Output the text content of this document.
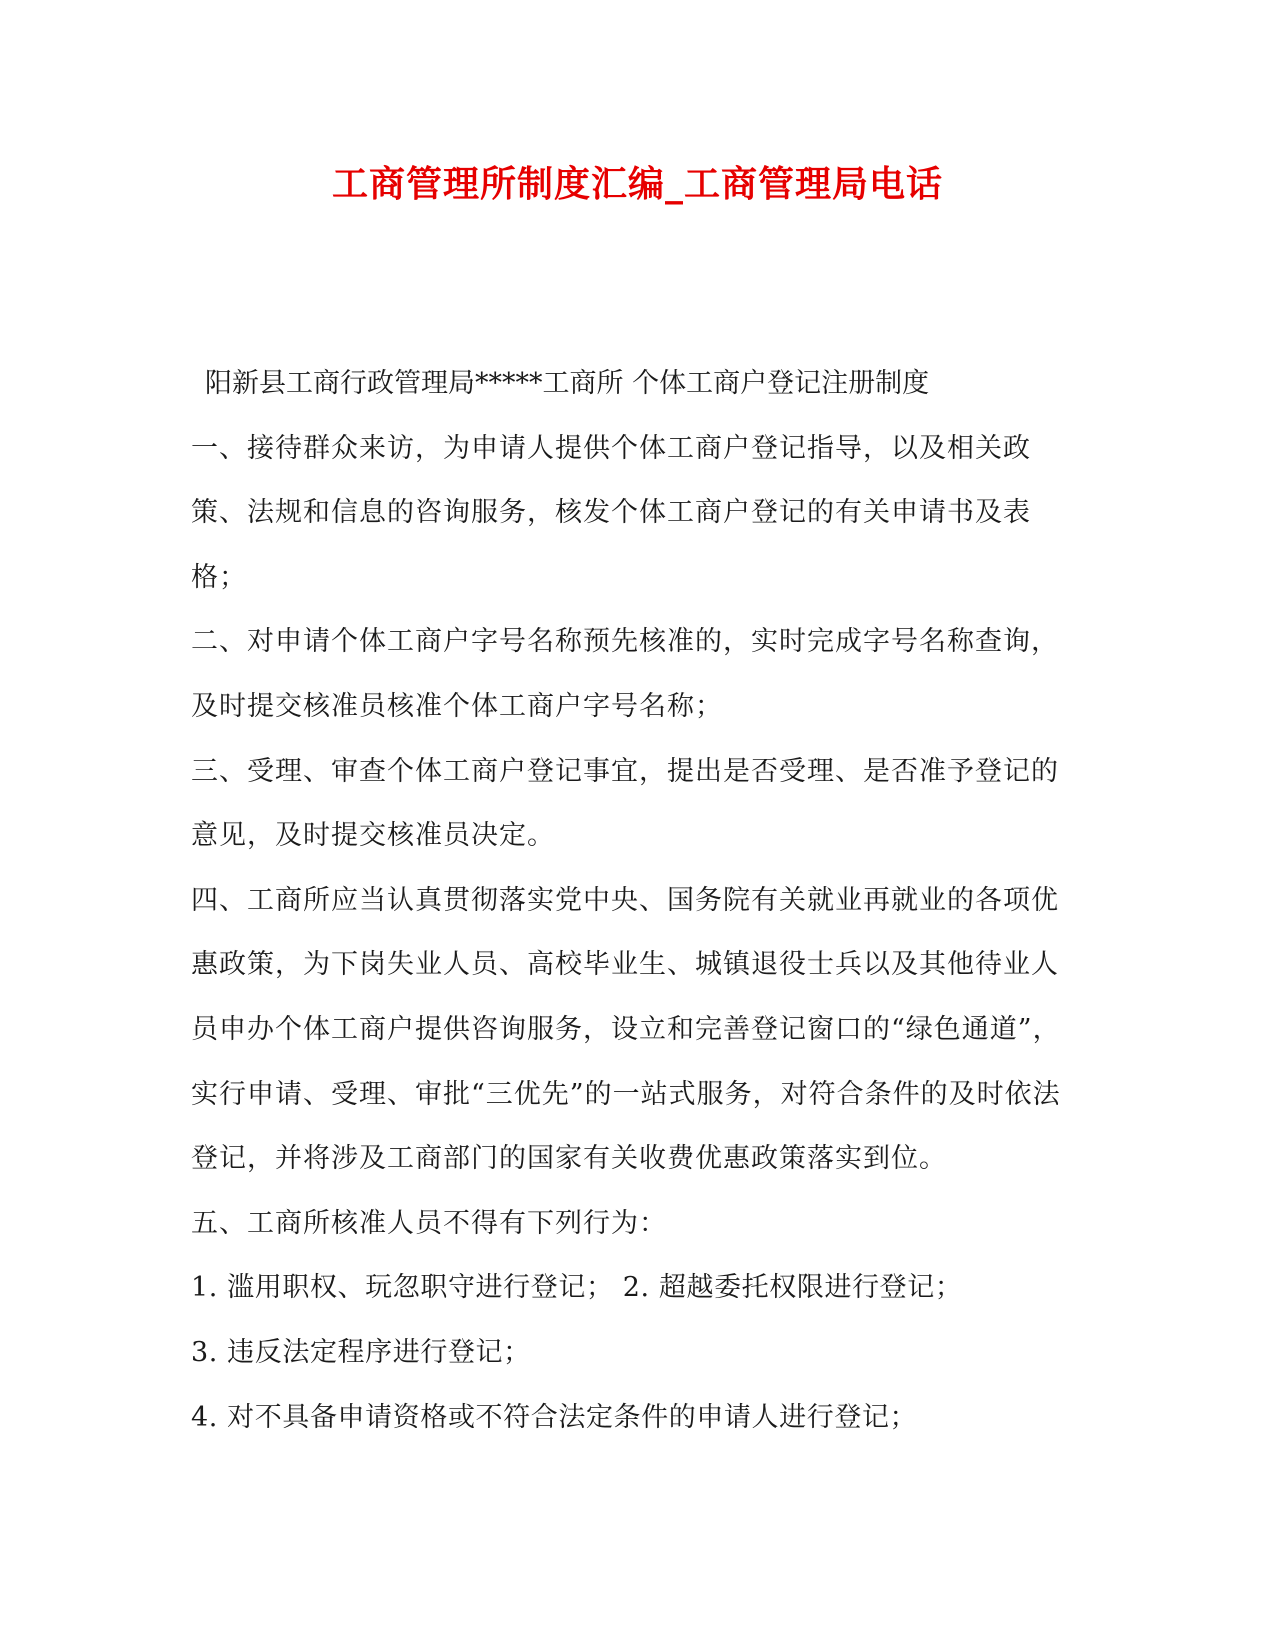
工商管理所制度汇编_工商管理局电话

阳新县工商行政管理局*****工商所 个体工商户登记注册制度

一、接待群众来访，为申请人提供个体工商户登记指导，以及相关政策、法规和信息的咨询服务，核发个体工商户登记的有关申请书及表格；

二、对申请个体工商户字号名称预先核准的，实时完成字号名称查询，及时提交核准员核准个体工商户字号名称；

三、受理、审查个体工商户登记事宜，提出是否受理、是否准予登记的意见，及时提交核准员决定。

四、工商所应当认真贯彻落实党中央、国务院有关就业再就业的各项优惠政策，为下岗失业人员、高校毕业生、城镇退役士兵以及其他待业人员申办个体工商户提供咨询服务，设立和完善登记窗口的“绿色通道”，实行申请、受理、审批“三优先”的一站式服务，对符合条件的及时依法登记，并将涉及工商部门的国家有关收费优惠政策落实到位。

五、工商所核准人员不得有下列行为：

1. 滥用职权、玩忽职守进行登记； 2. 超越委托权限进行登记；

3. 违反法定程序进行登记；

4. 对不具备申请资格或不符合法定条件的申请人进行登记；
